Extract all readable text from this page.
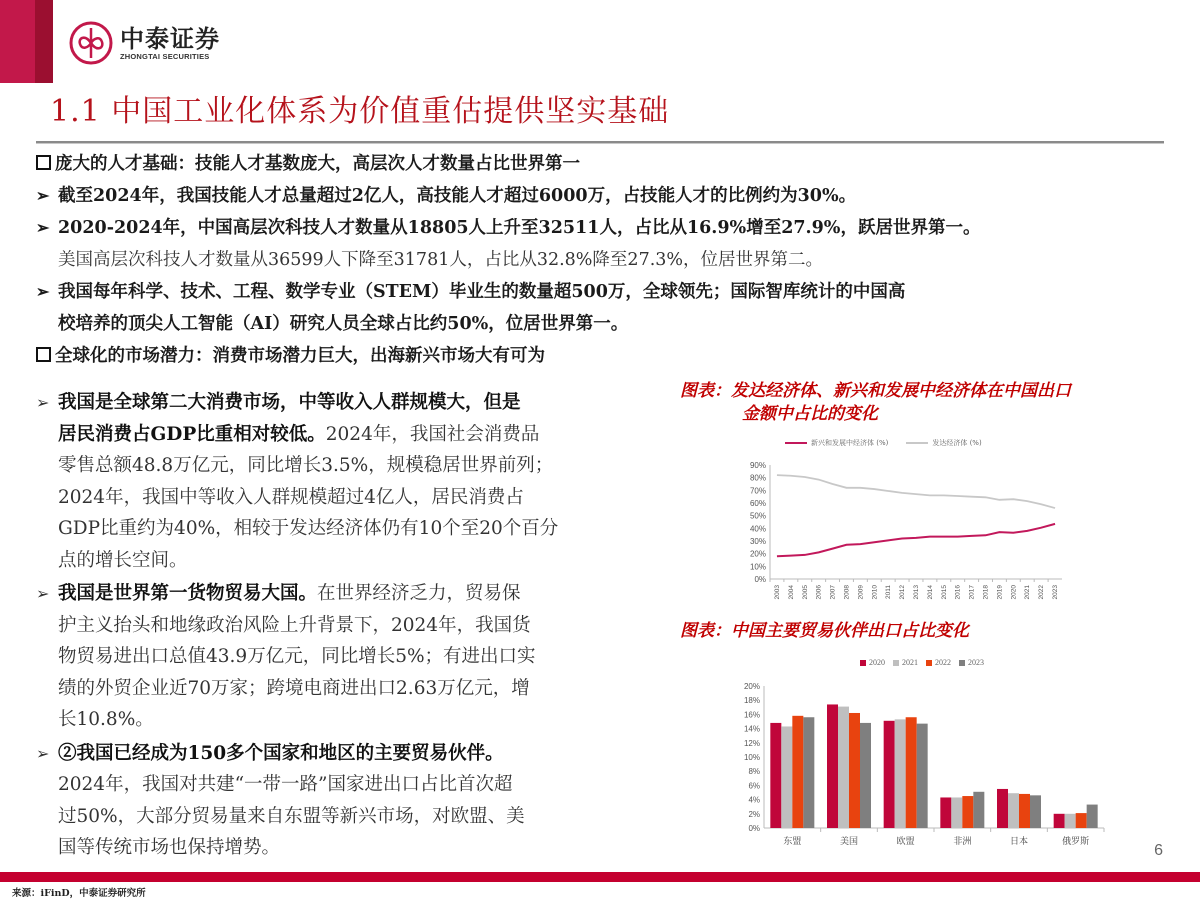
中泰证券
ZHONGTAI SECURITIES
1.1 中国工业化体系为价值重估提供坚实基础
庞大的人才基础：技能人才基数庞大，高层次人才数量占比世界第一
➢ 截至2024年，我国技能人才总量超过2亿人，高技能人才超过6000万，占技能人才的比例约为30%。
➢ 2020-2024年，中国高层次科技人才数量从18805人上升至32511人，占比从16.9%增至27.9%，跃居世界第一。
美国高层次科技人才数量从36599人下降至31781人，占比从32.8%降至27.3%，位居世界第二。
➢ 我国每年科学、技术、工程、数学专业（STEM）毕业生的数量超500万，全球领先；国际智库统计的中国高
校培养的顶尖人工智能（AI）研究人员全球占比约50%，位居世界第一。
全球化的市场潜力：消费市场潜力巨大，出海新兴市场大有可为
➢ 我国是全球第二大消费市场，中等收入人群规模大，但是
居民消费占GDP比重相对较低。2024年，我国社会消费品
零售总额48.8万亿元，同比增长3.5%，规模稳居世界前列；
2024年，我国中等收入人群规模超过4亿人，居民消费占
GDP比重约为40%，相较于发达经济体仍有10个至20个百分
点的增长空间。
➢ 我国是世界第一货物贸易大国。在世界经济乏力，贸易保
护主义抬头和地缘政治风险上升背景下，2024年，我国货
物贸易进出口总值43.9万亿元，同比增长5%；有进出口实
绩的外贸企业近70万家；跨境电商进出口2.63万亿元，增
长10.8%。
➢ ②我国已经成为150多个国家和地区的主要贸易伙伴。
2024年，我国对共建“一带一路”国家进出口占比首次超
过50%，大部分贸易量来自东盟等新兴市场，对欧盟、美
国等传统市场也保持增势。
图表：发达经济体、新兴和发展中经济体在中国出口
金额中占比的变化
新兴和发展中经济体 (%)	发达经济体 (%)
0%
10%
20%
30%
40%
50%
60%
70%
80%
90%
2003 2004 2005 2006 2007 2008 2009 2010 2011 2012 2013 2014 2015 2016 2017 2018 2019 2020 2021 2022 2023
图表：中国主要贸易伙伴出口占比变化
2020 2021 2022 2023
0%
2%
4%
6%
8%
10%
12%
14%
16%
18%
20%
东盟	美国	欧盟	非洲	日本	俄罗斯	6
来源：iFinD，中泰证券研究所
